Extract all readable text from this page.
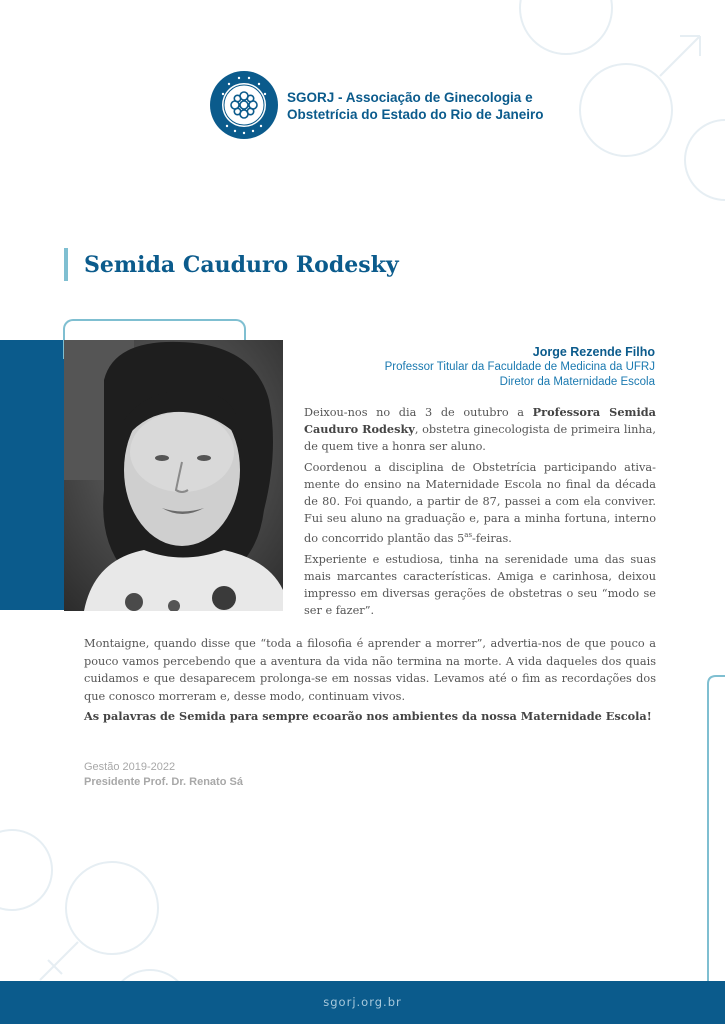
SGORJ - Associação de Ginecologia e
Obstetrícia do Estado do Rio de Janeiro
Semida Cauduro Rodesky
Jorge Rezende Filho
Professor Titular da Faculdade de Medicina da UFRJ
Diretor da Maternidade Escola

Deixou-nos no dia 3 de outubro a Professora Semida Cauduro Rodesky, obstetra ginecologista de primeira linha, de quem tive a honra ser aluno.

Coordenou a disciplina de Obstetrícia participando ativamente do ensino na Maternidade Escola no final da década de 80. Foi quando, a partir de 87, passei a com ela conviver. Fui seu aluno na graduação e, para a minha fortuna, interno do concorrido plantão das $5^{as}$-feiras.

Experiente e estudiosa, tinha na serenidade uma das suas mais marcantes características. Amiga e carinhosa, deixou impresso em diversas gerações de obstetras o seu “modo se ser e fazer”.

Montaigne, quando disse que “toda a filosofia é aprender a morrer”, advertia-nos de que pouco a pouco vamos percebendo que a aventura da vida não termina na morte. A vida daqueles dos quais cuidamos e que desaparecem prolonga-se em nossas vidas. Levamos até o fim as recordações dos que conosco morreram e, desse modo, continuam vivos.

As palavras de Semida para sempre ecoarão nos ambientes da nossa Maternidade Escola!

Gestão 2019-2022
Presidente Prof. Dr. Renato Sá
sgorj.org.br
